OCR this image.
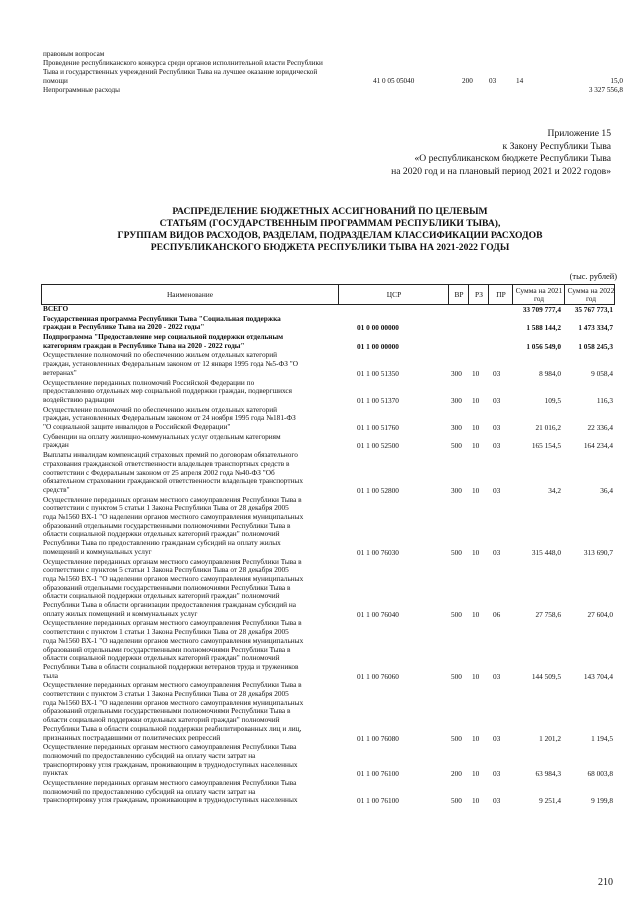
правовым вопросам
Проведение республиканского конкурса среди органов исполнительной власти Республики
Тыва и государственных учреждений Республики Тыва на лучшее оказание юридической
помощи	41 0 05 05040	200 03	14	15,0
Непрограммные расходы	3 327 556,8
Приложение 15
к Закону Республики Тыва
«О республиканском бюджете Республики Тыва
на 2020 год и на плановый период 2021 и 2022 годов»
РАСПРЕДЕЛЕНИЕ БЮДЖЕТНЫХ АССИГНОВАНИЙ ПО ЦЕЛЕВЫМ
СТАТЬЯМ (ГОСУДАРСТВЕННЫМ ПРОГРАММАМ РЕСПУБЛИКИ ТЫВА),
ГРУППАМ ВИДОВ РАСХОДОВ, РАЗДЕЛАМ, ПОДРАЗДЕЛАМ КЛАССИФИКАЦИИ РАСХОДОВ
РЕСПУБЛИКАНСКОГО БЮДЖЕТА РЕСПУБЛИКИ ТЫВА НА 2021-2022 ГОДЫ
(тыс. рублей)
Наименование	ЦСР	ВР	РЗ	ПР	Сумма на 2021 год
Сумма на 2022 год
ВСЕГО	33 709 777,4 35 767 773,1
Государственная программа Республики Тыва "Социальная поддержка
граждан в Республике Тыва на 2020 - 2022 годы"	01 0 00 00000	1 588 144,2 1 473 334,7
Подпрограмма "Предоставление мер социальной поддержки отдельным
категориям граждан в Республике Тыва на 2020 - 2022 годы"	01 1 00 00000	1 056 549,0 1 058 245,3
Осуществление полномочий по обеспечению жильем отдельных категорий
граждан, установленных Федеральным законом от 12 января 1995 года №5-ФЗ "О
ветеранах"	01 1 00 51350	300 10 03	8 984,0	9 058,4
Осуществление переданных полномочий Российской Федерации по
предоставлению отдельных мер социальной поддержки граждан, подвергшихся
воздействию радиации	01 1 00 51370	300 10 03	109,5	116,3
Осуществление полномочий по обеспечению жильем отдельных категорий
граждан, установленных Федеральным законом от 24 ноября 1995 года №181-ФЗ
"О социальной защите инвалидов в Российской Федерации"	01 1 00 51760	300 10 03	21 016,2	22 336,4
Субвенции на оплату жилищно-коммунальных услуг отдельным категориям
граждан	01 1 00 52500	500 10 03	165 154,5	164 234,4
Выплаты инвалидам компенсаций страховых премий по договорам обязательного
страхования гражданской ответственности владельцев транспортных средств в
соответствии с Федеральным законом от 25 апреля 2002 года №40-ФЗ "Об
обязательном страховании гражданской ответственности владельцев транспортных
средств"	01 1 00 52800	300 10 03	34,2	36,4
Осуществление переданных органам местного самоуправления Республики Тыва в
соответствии с пунктом 5 статьи 1 Закона Республики Тыва от 28 декабря 2005
года №1560 ВХ-1 "О наделении органов местного самоуправления муниципальных
образований отдельными государственными полномочиями Республики Тыва в
области социальной поддержки отдельных категорий граждан" полномочий
Республики Тыва по предоставлению гражданам субсидий на оплату жилых
помещений и коммунальных услуг	01 1 00 76030	500 10 03	315 448,0	313 690,7
Осуществление переданных органам местного самоуправления Республики Тыва в
соответствии с пунктом 5 статьи 1 Закона Республики Тыва от 28 декабря 2005
года №1560 ВХ-1 "О наделении органов местного самоуправления муниципальных
образований отдельными государственными полномочиями Республики Тыва в
области социальной поддержки отдельных категорий граждан" полномочий
Республики Тыва в области организации предоставления гражданам субсидий на
оплату жилых помещений и коммунальных услуг	01 1 00 76040	500 10 06	27 758,6	27 604,0
Осуществление переданных органам местного самоуправления Республики Тыва в
соответствии с пунктом 1 статьи 1 Закона Республики Тыва от 28 декабря 2005
года №1560 ВХ-1 "О наделении органов местного самоуправления муниципальных
образований отдельными государственными полномочиями Республики Тыва в
области социальной поддержки отдельных категорий граждан" полномочий
Республики Тыва в области социальной поддержки ветеранов труда и тружеников
тыла	01 1 00 76060	500 10 03	144 509,5	143 704,4
Осуществление переданных органам местного самоуправления Республики Тыва в
соответствии с пунктом 3 статьи 1 Закона Республики Тыва от 28 декабря 2005
года №1560 ВХ-1 "О наделении органов местного самоуправления муниципальных
образований отдельными государственными полномочиями Республики Тыва в
области социальной поддержки отдельных категорий граждан" полномочий
Республики Тыва в области социальной поддержки реабилитированных лиц и лиц,
признанных пострадавшими от политических репрессий	01 1 00 76080	500 10 03	1 201,2	1 194,5
Осуществление переданных органам местного самоуправления Республики Тыва
полномочий по предоставлению субсидий на оплату части затрат на
транспортировку угля гражданам, проживающим в труднодоступных населенных
пунктах	01 1 00 76100	200 10 03	63 984,3	68 003,8
Осуществление переданных органам местного самоуправления Республики Тыва
полномочий по предоставлению субсидий на оплату части затрат на
транспортировку угля гражданам, проживающим в труднодоступных населенных	01 1 00 76100	500 10 03	9 251,4	9 199,8
210
